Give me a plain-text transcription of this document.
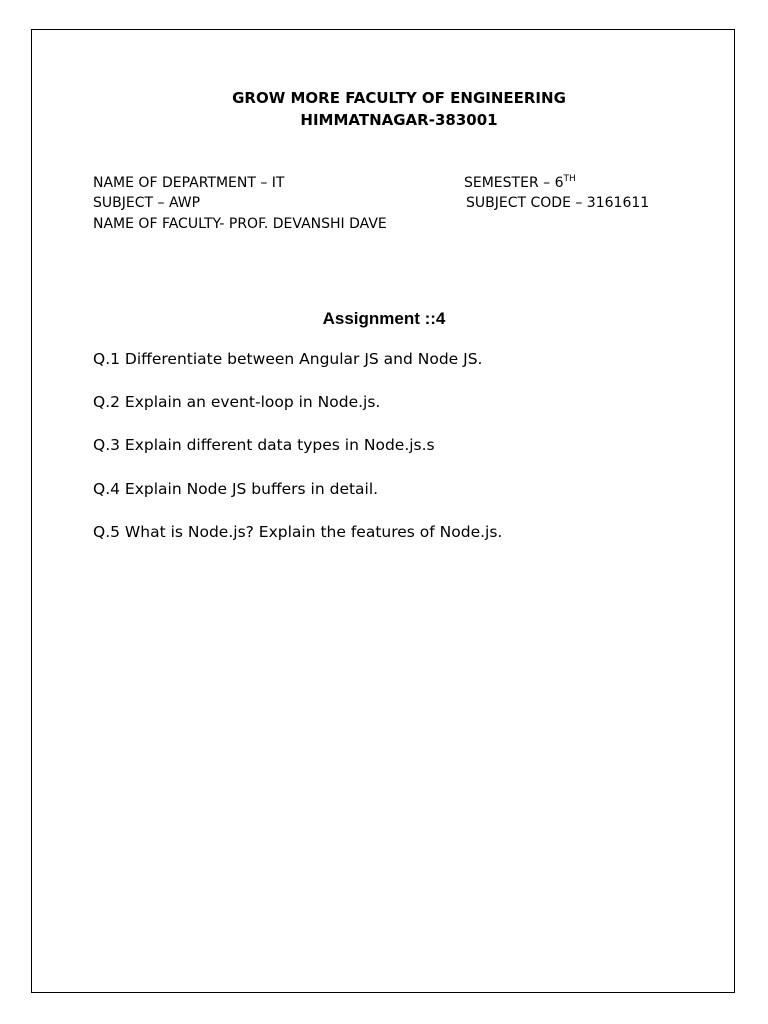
GROW MORE FACULTY OF ENGINEERING
HIMMATNAGAR-383001
NAME OF DEPARTMENT – IT
SUBJECT – AWP
NAME OF FACULTY- PROF. DEVANSHI DAVE
SEMESTER – 6TH
SUBJECT CODE – 3161611
Assignment ::4
Q.1 Differentiate between Angular JS and Node JS.
Q.2 Explain an event-loop in Node.js.
Q.3 Explain different data types in Node.js.s
Q.4 Explain Node JS buffers in detail.
Q.5 What is Node.js? Explain the features of Node.js.
